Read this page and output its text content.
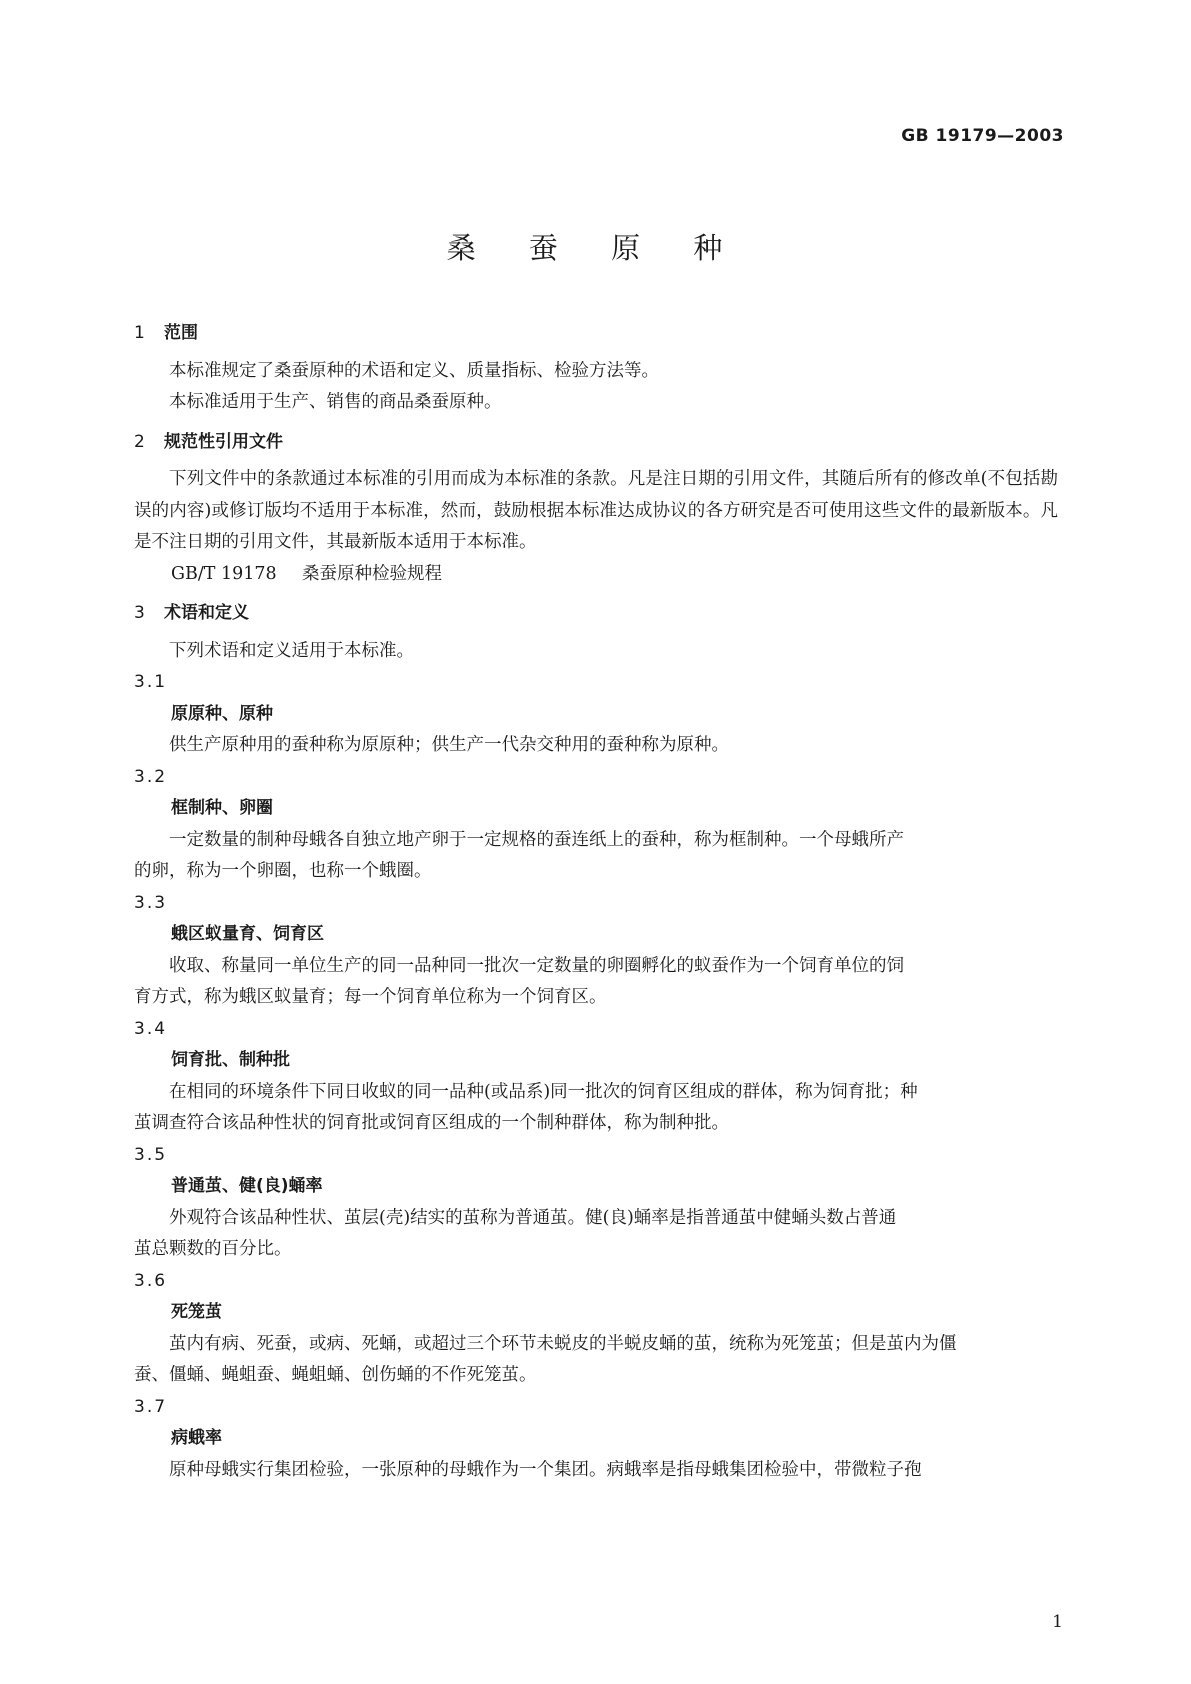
GB 19179—2003
桑 蚕 原 种
1 范围

本标准规定了桑蚕原种的术语和定义、质量指标、检验方法等。

本标准适用于生产、销售的商品桑蚕原种。

2 规范性引用文件

下列文件中的条款通过本标准的引用而成为本标准的条款。凡是注日期的引用文件，其随后所有的修改单(不包括勘误的内容)或修订版均不适用于本标准，然而，鼓励根据本标准达成协议的各方研究是否可使用这些文件的最新版本。凡是不注日期的引用文件，其最新版本适用于本标准。

GB/T 19178 桑蚕原种检验规程
3 术语和定义

下列术语和定义适用于本标准。

3.1
原原种、原种

供生产原种用的蚕种称为原原种；供生产一代杂交种用的蚕种称为原种。

3.2
框制种、卵圈

一定数量的制种母蛾各自独立地产卵于一定规格的蚕连纸上的蚕种，称为框制种。一个母蛾所产

的卵，称为一个卵圈，也称一个蛾圈。

3.3
蛾区蚁量育、饲育区

收取、称量同一单位生产的同一品种同一批次一定数量的卵圈孵化的蚁蚕作为一个饲育单位的饲

育方式，称为蛾区蚁量育；每一个饲育单位称为一个饲育区。

3.4
饲育批、制种批

在相同的环境条件下同日收蚁的同一品种(或品系)同一批次的饲育区组成的群体，称为饲育批；种

茧调查符合该品种性状的饲育批或饲育区组成的一个制种群体，称为制种批。

3.5
普通茧、健(良)蛹率

外观符合该品种性状、茧层(壳)结实的茧称为普通茧。健(良)蛹率是指普通茧中健蛹头数占普通

茧总颗数的百分比。

3.6
死笼茧

茧内有病、死蚕，或病、死蛹，或超过三个环节未蜕皮的半蜕皮蛹的茧，统称为死笼茧；但是茧内为僵

蚕、僵蛹、蝇蛆蚕、蝇蛆蛹、创伤蛹的不作死笼茧。

3.7
病蛾率

原种母蛾实行集团检验，一张原种的母蛾作为一个集团。病蛾率是指母蛾集团检验中，带微粒子孢

1
